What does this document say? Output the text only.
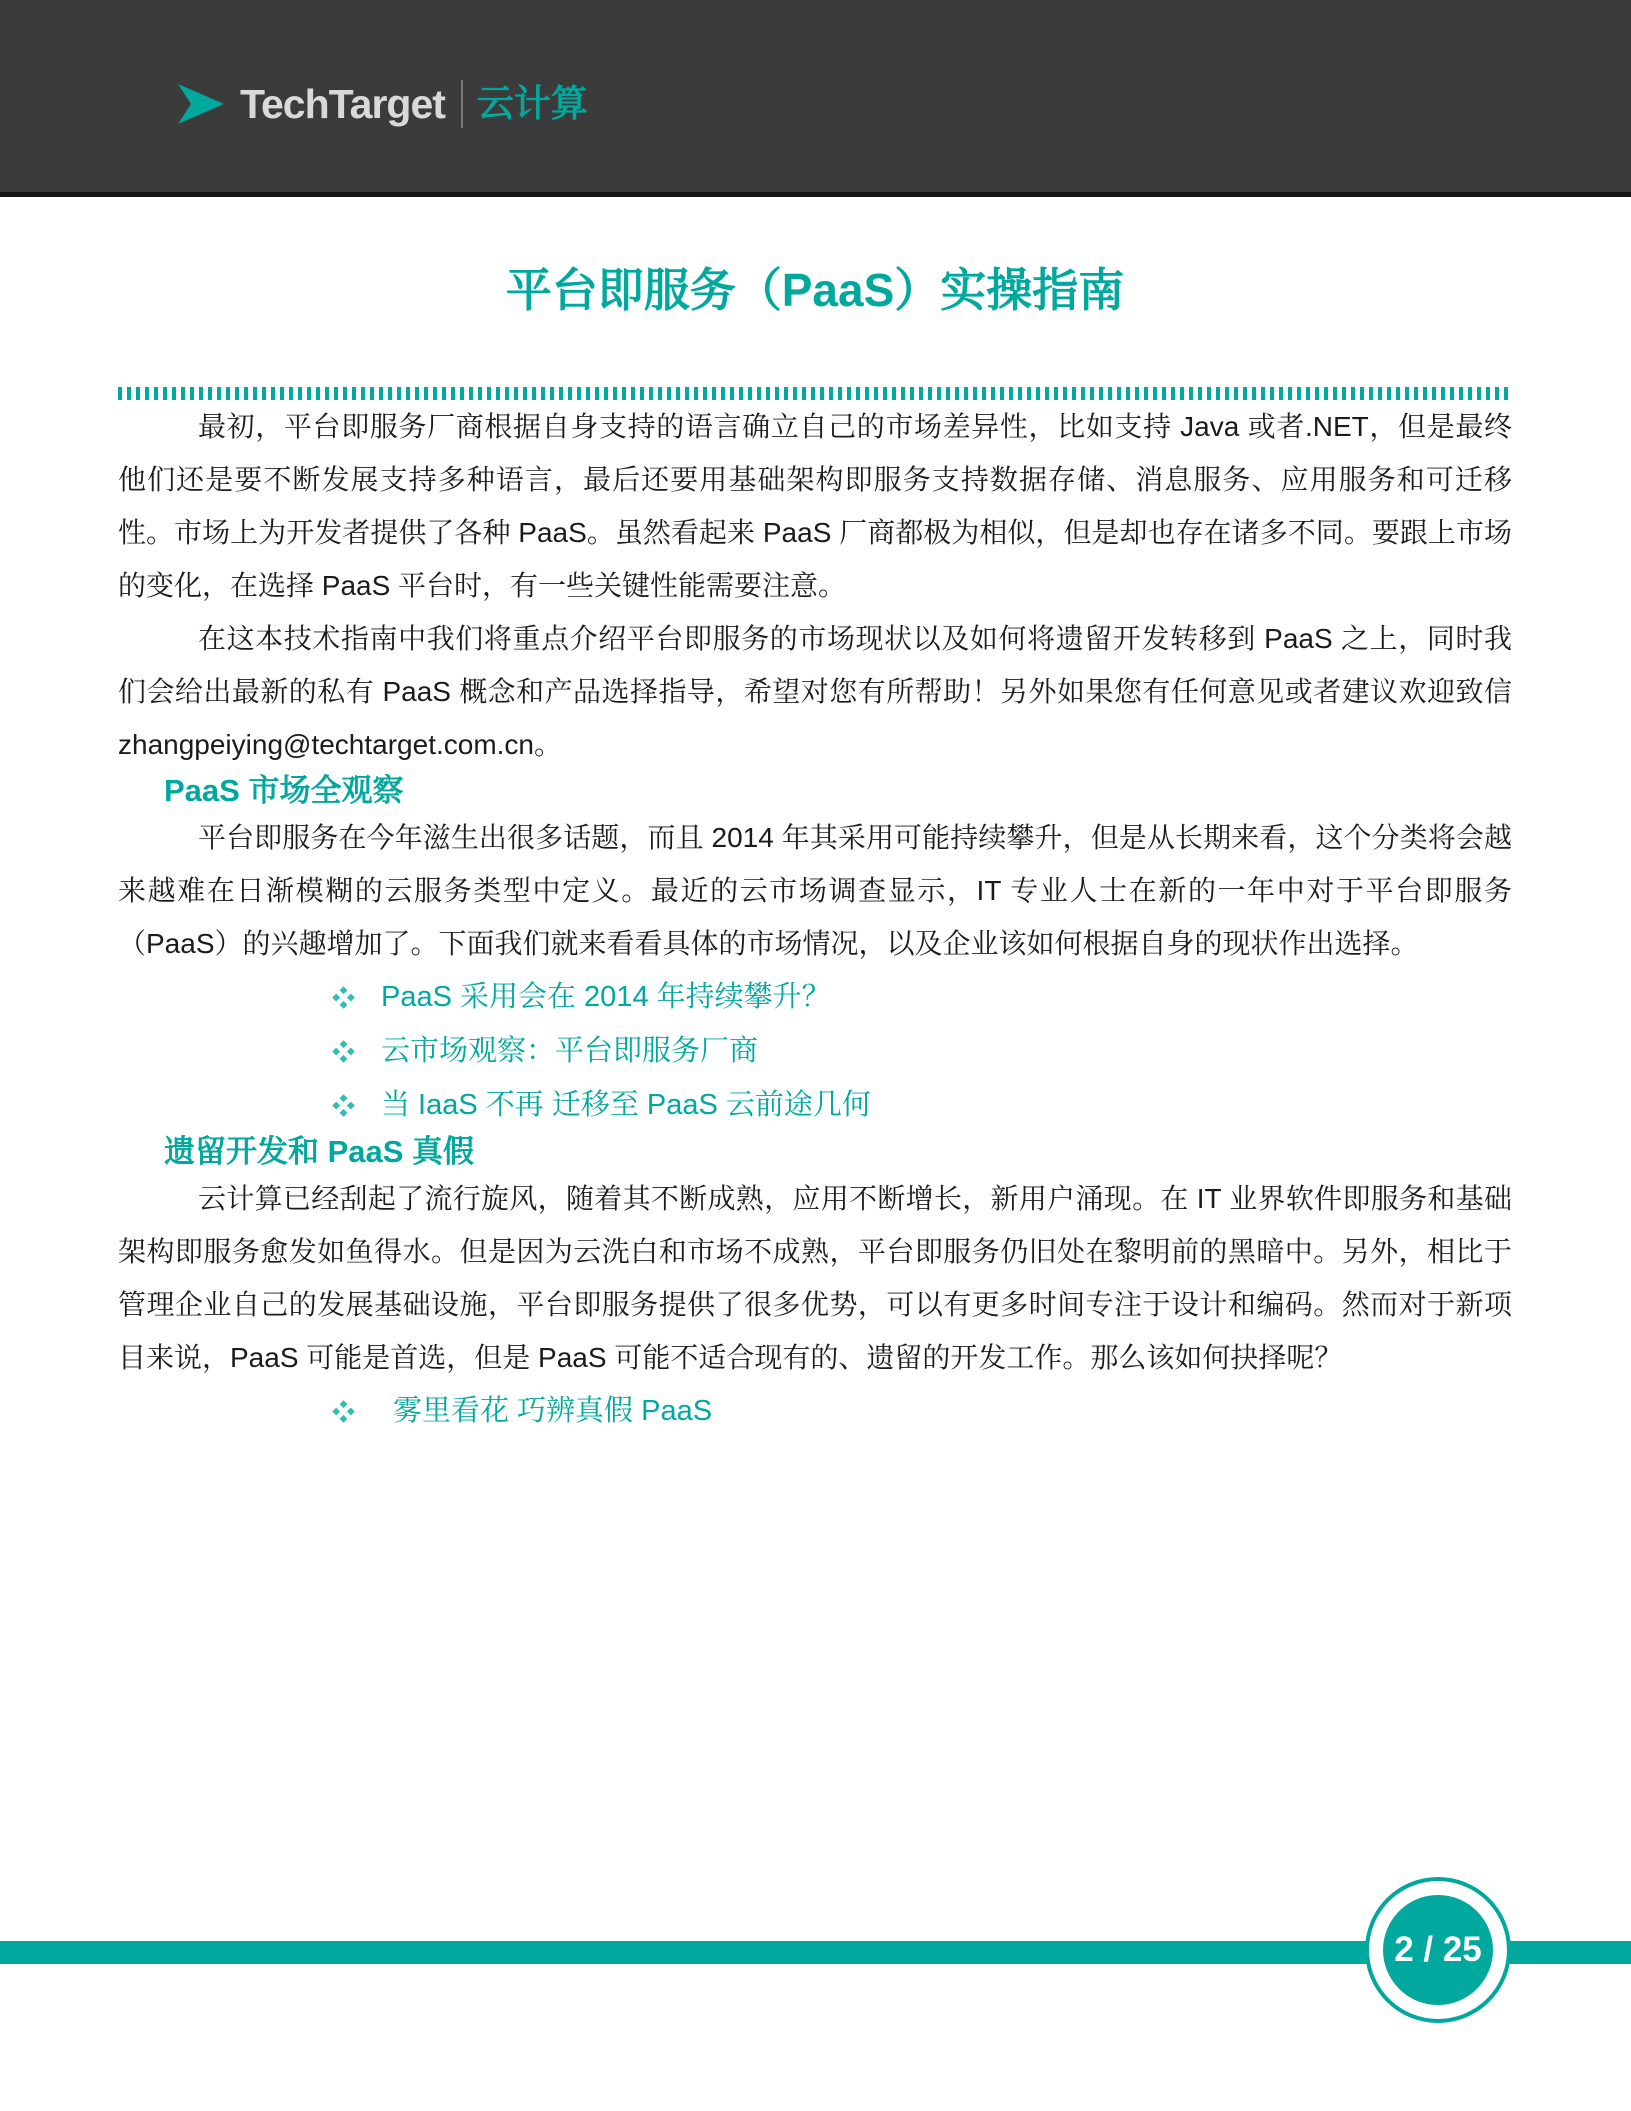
TechTarget 云计算
平台即服务（PaaS）实操指南

最初，平台即服务厂商根据自身支持的语言确立自己的市场差异性，比如支持 Java 或者.NET，但是最终他们还是要不断发展支持多种语言，最后还要用基础架构即服务支持数据存储、消息服务、应用服务和可迁移性。市场上为开发者提供了各种 PaaS。虽然看起来 PaaS 厂商都极为相似，但是却也存在诸多不同。要跟上市场的变化，在选择 PaaS 平台时，有一些关键性能需要注意。

在这本技术指南中我们将重点介绍平台即服务的市场现状以及如何将遗留开发转移到 PaaS 之上，同时我们会给出最新的私有 PaaS 概念和产品选择指导，希望对您有所帮助！另外如果您有任何意见或者建议欢迎致信 zhangpeiying@techtarget.com.cn。

PaaS 市场全观察

平台即服务在今年滋生出很多话题，而且 2014 年其采用可能持续攀升，但是从长期来看，这个分类将会越来越难在日渐模糊的云服务类型中定义。最近的云市场调查显示，IT 专业人士在新的一年中对于平台即服务（PaaS）的兴趣增加了。下面我们就来看看具体的市场情况，以及企业该如何根据自身的现状作出选择。

PaaS 采用会在 2014 年持续攀升？
云市场观察：平台即服务厂商
当 IaaS 不再 迁移至 PaaS 云前途几何
遗留开发和 PaaS 真假

云计算已经刮起了流行旋风，随着其不断成熟，应用不断增长，新用户涌现。在 IT 业界软件即服务和基础架构即服务愈发如鱼得水。但是因为云洗白和市场不成熟，平台即服务仍旧处在黎明前的黑暗中。另外，相比于管理企业自己的发展基础设施，平台即服务提供了很多优势，可以有更多时间专注于设计和编码。然而对于新项目来说，PaaS 可能是首选，但是 PaaS 可能不适合现有的、遗留的开发工作。那么该如何抉择呢？

雾里看花 巧辨真假 PaaS
2 / 25
